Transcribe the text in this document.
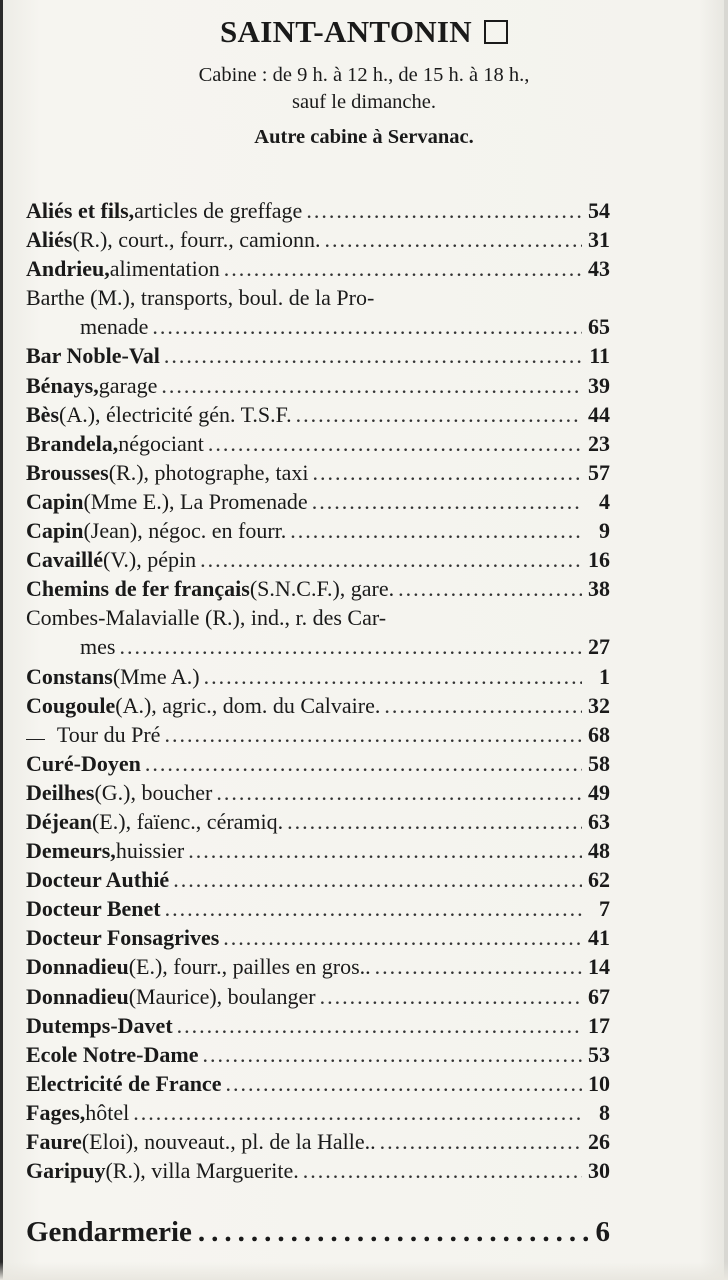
SAINT-ANTONIN
Cabine : de 9 h. à 12 h., de 15 h. à 18 h.,
sauf le dimanche.
Autre cabine à Servanac.
Aliés et fils, articles de greffage .....	54
Aliés (R.), court., fourr., camionn. .....	31
Andrieu, alimentation .....	43
Barthe (M.), transports, boul. de la Pro-
menade .....	65
Bar Noble-Val .....	11
Bénays, garage .....	39
Bès (A.), électricité gén. T.S.F. .....	44
Brandela, négociant .....	23
Brousses (R.), photographe, taxi .....	57
Capin (Mme E.), La Promenade .....	4
Capin (Jean), négoc. en fourr. .....	9
Cavaillé (V.), pépin .....	16
Chemins de fer français (S.N.C.F.), gare. .....	38
Combes-Malavialle (R.), ind., r. des Car-
mes .....	27
Constans (Mme A.) .....	1
Cougoule (A.), agric., dom. du Calvaire. .....	32
Tour du Pré .....	68
Curé-Doyen .....	58
Deilhes (G.), boucher .....	49
Déjean (E.), faïenc., céramiq. .....	63
Demeurs, huissier .....	48
Docteur Authié .....	62
Docteur Benet .....	7
Docteur Fonsagrives .....	41
Donnadieu (E.), fourr., pailles en gros.. .....	14
Donnadieu (Maurice), boulanger .....	67
Dutemps-Davet .....	17
Ecole Notre-Dame .....	53
Electricité de France .....	10
Fages, hôtel .....	8
Faure (Eloi), nouveaut., pl. de la Halle.. .....	26
Garipuy (R.), villa Marguerite. .....	30
Gendarmerie .....	6
